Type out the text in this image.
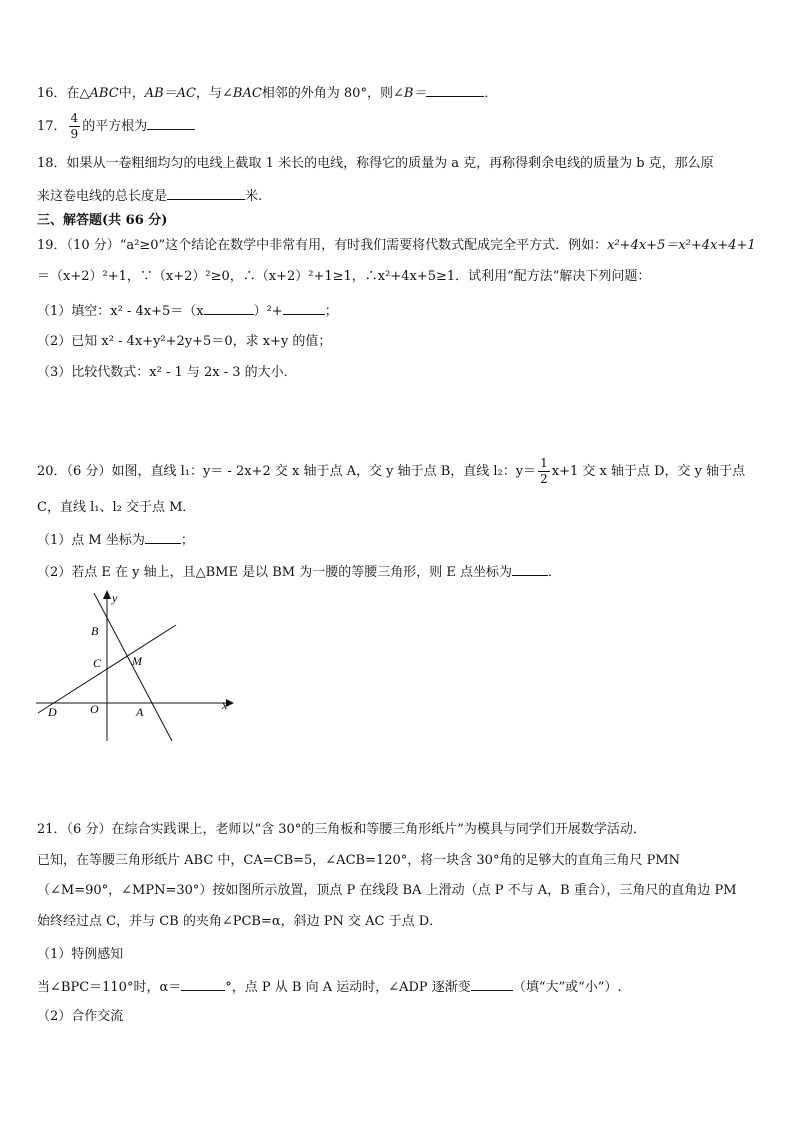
16．在△ABC中，AB＝AC，与∠BAC相邻的外角为 80°，则∠B＝	．
17． $\frac{4}{9}$ 的平方根为
18．如果从一卷粗细均匀的电线上截取 1 米长的电线，称得它的质量为 a 克，再称得剩余电线的质量为 b 克，那么原
来这卷电线的总长度是	米.
三、解答题(共 66 分)
19．（10 分）“a²≥0”这个结论在数学中非常有用，有时我们需要将代数式配成完全平方式．例如：x²+4x+5＝x²+4x+4+1
＝（x+2）²+1，∵（x+2）²≥0，∴（x+2）²+1≥1，∴x²+4x+5≥1．试利用“配方法”解决下列问题：
（1）填空：x² - 4x+5＝（x	）²+	；
（2）已知 x² - 4x+y²+2y+5＝0，求 x+y 的值；
（3）比较代数式：x² - 1 与 2x - 3 的大小．
20．（6 分）如图，直线 l₁：y＝ - 2x+2 交 x 轴于点 A，交 y 轴于点 B，直线 l₂：$y= \frac{1}{2} x+1$ 交 x 轴于点 D，交 y 轴于点
C，直线 l₁、l₂ 交于点 M．
（1）点 M 坐标为	；
（2）若点 E 在 y 轴上，且△BME 是以 BM 为一腰的等腰三角形，则 E 点坐标为	．
y
x
B
C	M
D	O	A
21．（6 分）在综合实践课上，老师以“含 30°的三角板和等腰三角形纸片”为模具与同学们开展数学活动．
已知，在等腰三角形纸片 ABC 中，CA=CB=5，∠ACB=120°，将一块含 30°角的足够大的直角三角尺 PMN
（∠M=90°，∠MPN=30°）按如图所示放置，顶点 P 在线段 BA 上滑动（点 P 不与 A，B 重合），三角尺的直角边 PM
始终经过点 C，并与 CB 的夹角∠PCB=α，斜边 PN 交 AC 于点 D．
（1）特例感知
当∠BPC＝110°时，α＝	°，点 P 从 B 向 A 运动时，∠ADP 逐渐变	（填“大”或“小”）.
（2）合作交流
